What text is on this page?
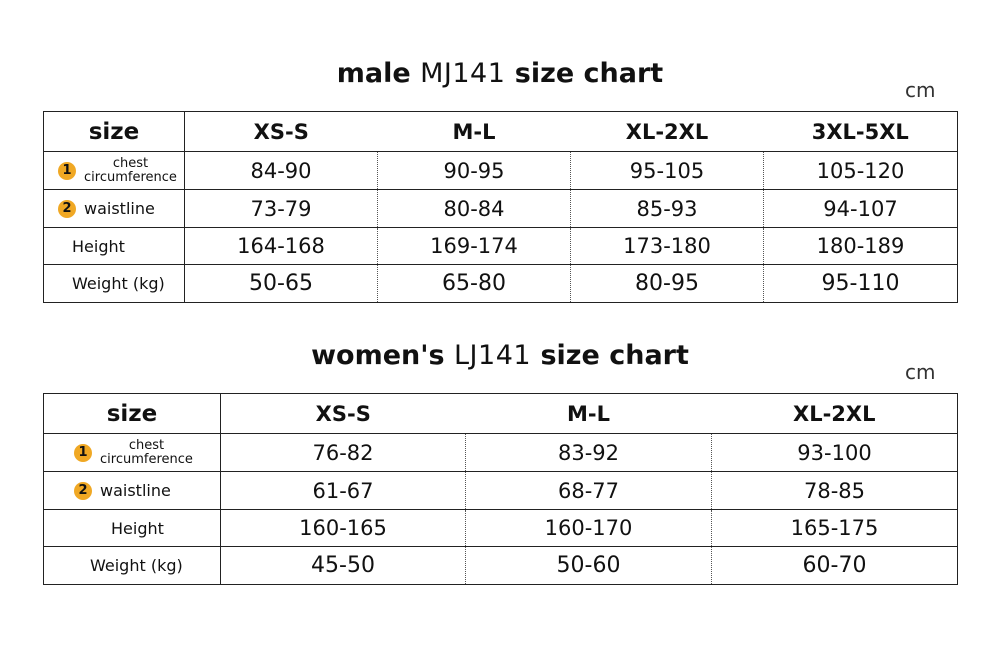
male MJ141 size chart
cm
size	XS-S	M-L	XL-2XL	3XL-5XL

1 chest
circumference	84-90	90-95	95-105	105-120

2 waistline	73-79	80-84	85-93	94-107

Height	164-168	169-174	173-180	180-189

Weight (kg)	50-65	65-80	80-95	95-110
women's LJ141 size chart
cm
size	XS-S	M-L	XL-2XL

1 chest
circumference	76-82	83-92	93-100

2 waistline	61-67	68-77	78-85

Height	160-165	160-170	165-175

Weight (kg)	45-50	50-60	60-70
